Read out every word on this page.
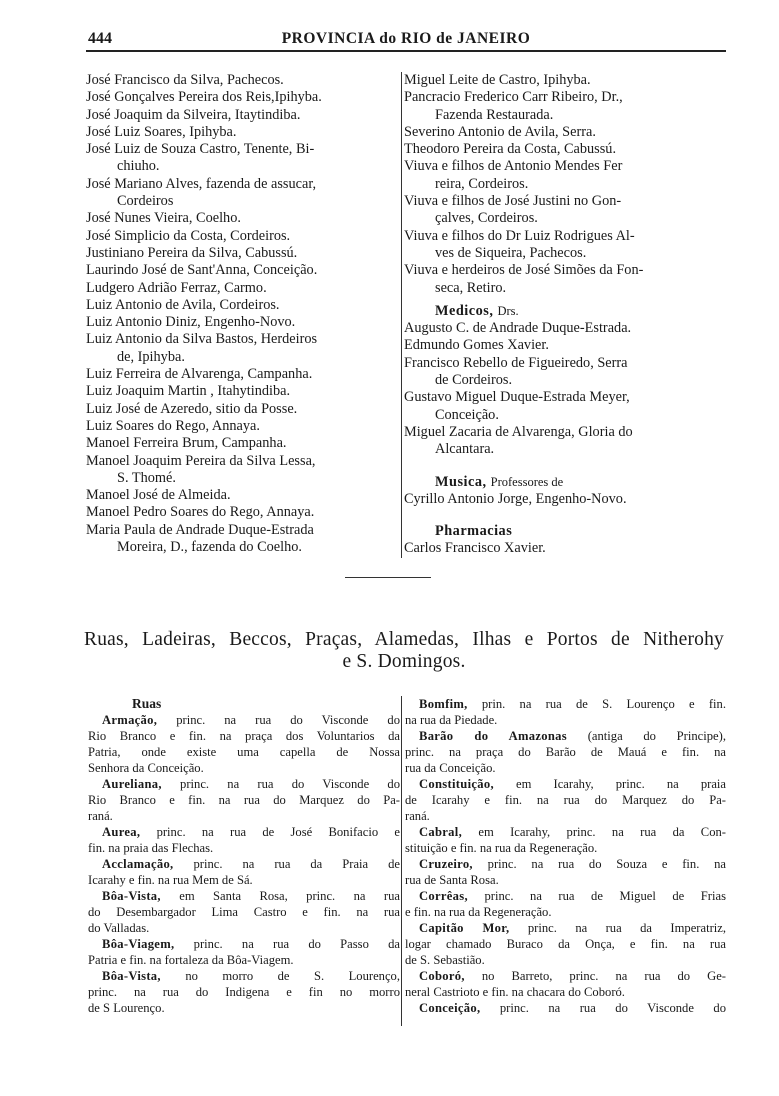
444	PROVINCIA do RIO de JANEIRO
José Francisco da Silva, Pachecos.
José Gonçalves Pereira dos Reis,Ipihyba.
José Joaquim da Silveira, Itaytindiba.
José Luiz Soares, Ipihyba.
José Luiz de Souza Castro, Tenente, Bi-
chiuho.
José Mariano Alves, fazenda de assucar,
Cordeiros
José Nunes Vieira, Coelho.
José Simplicio da Costa, Cordeiros.
Justiniano Pereira da Silva, Cabussú.
Laurindo José de Sant'Anna, Conceição.
Ludgero Adrião Ferraz, Carmo.
Luiz Antonio de Avila, Cordeiros.
Luiz Antonio Diniz, Engenho-Novo.
Luiz Antonio da Silva Bastos, Herdeiros
de, Ipihyba.
Luiz Ferreira de Alvarenga, Campanha.
Luiz Joaquim Martin , Itahytindiba.
Luiz José de Azeredo, sitio da Posse.
Luiz Soares do Rego, Annaya.
Manoel Ferreira Brum, Campanha.
Manoel Joaquim Pereira da Silva Lessa,
S. Thomé.
Manoel José de Almeida.
Manoel Pedro Soares do Rego, Annaya.
Maria Paula de Andrade Duque-Estrada
Moreira, D., fazenda do Coelho.
Miguel Leite de Castro, Ipihyba.
Pancracio Frederico Carr Ribeiro, Dr.,
Fazenda Restaurada.
Severino Antonio de Avila, Serra.
Theodoro Pereira da Costa, Cabussú.
Viuva e filhos de Antonio Mendes Fer
reira, Cordeiros.
Viuva e filhos de José Justini no Gon-
çalves, Cordeiros.
Viuva e filhos do Dr Luiz Rodrigues Al-
ves de Siqueira, Pachecos.
Viuva e herdeiros de José Simões da Fon-
seca, Retiro.
Medicos, Drs.
Augusto C. de Andrade Duque-Estrada.
Edmundo Gomes Xavier.
Francisco Rebello de Figueiredo, Serra
de Cordeiros.
Gustavo Miguel Duque-Estrada Meyer,
Conceição.
Miguel Zacaria de Alvarenga, Gloria do
Alcantara.
Musica, Professores de
Cyrillo Antonio Jorge, Engenho-Novo.
Pharmacias
Carlos Francisco Xavier.
Ruas, Ladeiras, Beccos, Praças, Alamedas, Ilhas e Portos de Nitherohy
e S. Domingos.
Ruas
Armação, princ. na rua do Visconde do
Rio Branco e fin. na praça dos Voluntarios da
Patria, onde existe uma capella de Nossa
Senhora da Conceição.
Aureliana, princ. na rua do Visconde do
Rio Branco e fin. na rua do Marquez do Pa-
raná.
Aurea, princ. na rua de José Bonifacio e
fin. na praia das Flechas.
Acclamação, princ. na rua da Praia de
Icarahy e fin. na rua Mem de Sá.
Bôa-Vista, em Santa Rosa, princ. na rua
do Desembargador Lima Castro e fin. na rua
do Valladas.
Bôa-Viagem, princ. na rua do Passo da
Patria e fin. na fortaleza da Bôa-Viagem.
Bôa-Vista, no morro de S. Lourenço,
princ. na rua do Indigena e fin no morro
de S Lourenço.
Bomfim, prin. na rua de S. Lourenço e fin.
na rua da Piedade.
Barão do Amazonas (antiga do Principe),
princ. na praça do Barão de Mauá e fin. na
rua da Conceição.
Constituição, em Icarahy, princ. na praia
de Icarahy e fin. na rua do Marquez do Pa-
raná.
Cabral, em Icarahy, princ. na rua da Con-
stituição e fin. na rua da Regeneração.
Cruzeiro, princ. na rua do Souza e fin. na
rua de Santa Rosa.
Corrêas, princ. na rua de Miguel de Frias
e fin. na rua da Regeneração.
Capitão Mor, princ. na rua da Imperatriz,
logar chamado Buraco da Onça, e fin. na rua
de S. Sebastião.
Coboró, no Barreto, princ. na rua do Ge-
neral Castrioto e fin. na chacara do Coboró.
Conceição, princ. na rua do Visconde do
